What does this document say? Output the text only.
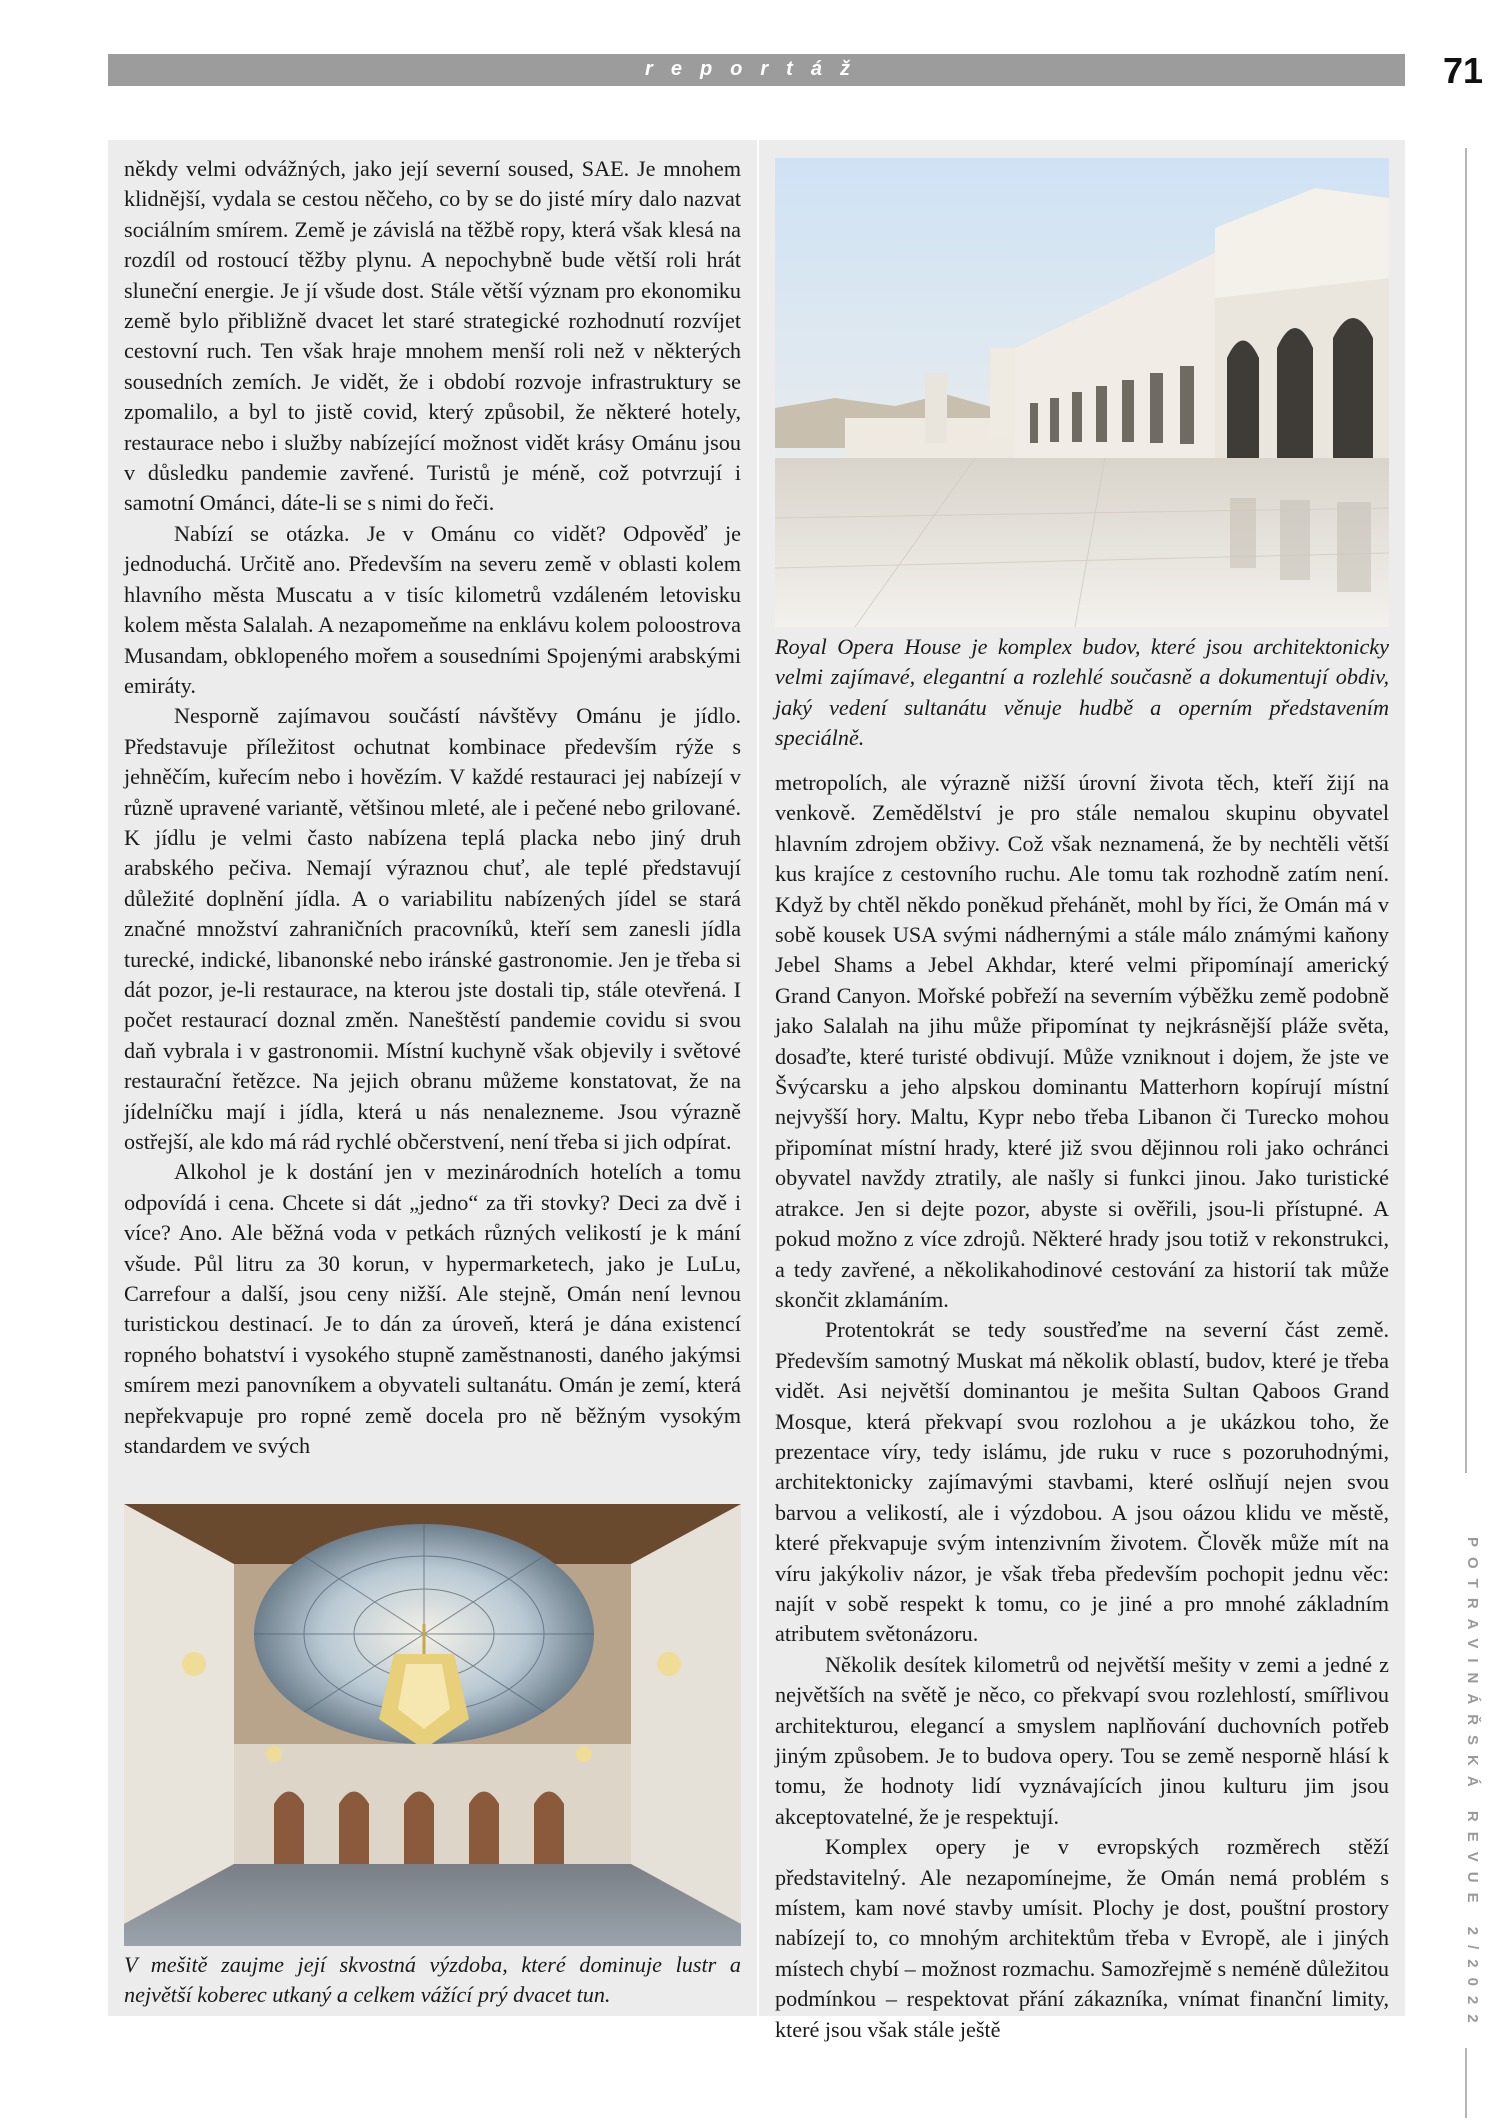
reportáž	71

někdy velmi odvážných, jako její severní soused, SAE. Je mnohem klidnější, vydala se cestou něčeho, co by se do jisté míry dalo nazvat sociálním smírem. Země je závislá na těžbě ropy, která však klesá na rozdíl od rostoucí těžby plynu. A nepochybně bude větší roli hrát sluneční energie. Je jí všude dost. Stále větší význam pro ekonomiku země bylo přibližně dvacet let staré strategické rozhodnutí rozvíjet cestovní ruch. Ten však hraje mnohem menší roli než v některých sousedních zemích. Je vidět, že i období rozvoje infrastruktury se zpomalilo, a byl to jistě covid, který způsobil, že některé hotely, restaurace nebo i služby nabízející možnost vidět krásy Ománu jsou v důsledku pandemie zavřené. Turistů je méně, což potvrzují i samotní Ománci, dáte-li se s nimi do řeči.

Nabízí se otázka. Je v Ománu co vidět? Odpověď je jednoduchá. Určitě ano. Především na severu země v oblasti kolem hlavního města Muscatu a v tisíc kilometrů vzdáleném letovisku kolem města Salalah. A nezapomeňme na enklávu kolem poloostrova Musandam, obklopeného mořem a sousedními Spojenými arabskými emiráty.

Nesporně zajímavou součástí návštěvy Ománu je jídlo. Představuje příležitost ochutnat kombinace především rýže s jehněčím, kuřecím nebo i hovězím. V každé restauraci jej nabízejí v různě upravené variantě, většinou mleté, ale i pečené nebo grilované. K jídlu je velmi často nabízena teplá placka nebo jiný druh arabského pečiva. Nemají výraznou chuť, ale teplé představují důležité doplnění jídla. A o variabilitu nabízených jídel se stará značné množství zahraničních pracovníků, kteří sem zanesli jídla turecké, indické, libanonské nebo iránské gastronomie. Jen je třeba si dát pozor, je-li restaurace, na kterou jste dostali tip, stále otevřená. I počet restaurací doznal změn. Naneštěstí pandemie covidu si svou daň vybrala i v gastronomii. Místní kuchyně však objevily i světové restaurační řetězce. Na jejich obranu můžeme konstatovat, že na jídelníčku mají i jídla, která u nás nenalezneme. Jsou výrazně ostřejší, ale kdo má rád rychlé občerstvení, není třeba si jich odpírat.

Alkohol je k dostání jen v mezinárodních hotelích a tomu odpovídá i cena. Chcete si dát „jedno“ za tři stovky? Deci za dvě i více? Ano. Ale běžná voda v petkách různých velikostí je k mání všude. Půl litru za 30 korun, v hypermarketech, jako je LuLu, Carrefour a další, jsou ceny nižší. Ale stejně, Omán není levnou turistickou destinací. Je to dán za úroveň, která je dána existencí ropného bohatství i vysokého stupně zaměstnanosti, daného jakýmsi smírem mezi panovníkem a obyvateli sultanátu. Omán je zemí, která nepřekvapuje pro ropné země docela pro ně běžným vysokým standardem ve svých

Royal Opera House je komplex budov, které jsou architektonicky velmi zajímavé, elegantní a rozlehlé současně a dokumentují obdiv, jaký vedení sultanátu věnuje hudbě a operním představením speciálně.

metropolích, ale výrazně nižší úrovní života těch, kteří žijí na venkově. Zemědělství je pro stále nemalou skupinu obyvatel hlavním zdrojem obživy. Což však neznamená, že by nechtěli větší kus krajíce z cestovního ruchu. Ale tomu tak rozhodně zatím není. Když by chtěl někdo poněkud přehánět, mohl by říci, že Omán má v sobě kousek USA svými nádhernými a stále málo známými kaňony Jebel Shams a Jebel Akhdar, které velmi připomínají americký Grand Canyon. Mořské pobřeží na severním výběžku země podobně jako Salalah na jihu může připomínat ty nejkrásnější pláže světa, dosaďte, které turisté obdivují. Může vzniknout i dojem, že jste ve Švýcarsku a jeho alpskou dominantu Matterhorn kopírují místní nejvyšší hory. Maltu, Kypr nebo třeba Libanon či Turecko mohou připomínat místní hrady, které již svou dějinnou roli jako ochránci obyvatel navždy ztratily, ale našly si funkci jinou. Jako turistické atrakce. Jen si dejte pozor, abyste si ověřili, jsou-li přístupné. A pokud možno z více zdrojů. Některé hrady jsou totiž v rekonstrukci, a tedy zavřené, a několikahodinové cestování za historií tak může skončit zklamáním.

Protentokrát se tedy soustřeďme na severní část země. Především samotný Muskat má několik oblastí, budov, které je třeba vidět. Asi největší dominantou je mešita Sultan Qaboos Grand Mosque, která překvapí svou rozlohou a je ukázkou toho, že prezentace víry, tedy islámu, jde ruku v ruce s pozoruhodnými, architektonicky zajímavými stavbami, které oslňují nejen svou barvou a velikostí, ale i výzdobou. A jsou oázou klidu ve městě, které překvapuje svým intenzivním životem. Člověk může mít na víru jakýkoliv názor, je však třeba především pochopit jednu věc: najít v sobě respekt k tomu, co je jiné a pro mnohé základním atributem světonázoru.

Několik desítek kilometrů od největší mešity v zemi a jedné z největších na světě je něco, co překvapí svou rozlehlostí, smířlivou architekturou, elegancí a smyslem naplňování duchovních potřeb jiným způsobem. Je to budova opery. Tou se země nesporně hlásí k tomu, že hodnoty lidí vyznávajících jinou kulturu jim jsou akceptovatelné, že je respektují.

Komplex opery je v evropských rozměrech stěží představitelný. Ale nezapomínejme, že Omán nemá problém s místem, kam nové stavby umísit. Plochy je dost, pouštní prostory nabízejí to, co mnohým architektům třeba v Evropě, ale i jiných místech chybí – možnost rozmachu. Samozřejmě s neméně důležitou podmínkou – respektovat přání zákazníka, vnímat finanční limity, které jsou však stále ještě

V mešitě zaujme její skvostná výzdoba, které dominuje lustr a největší koberec utkaný a celkem vážící prý dvacet tun.	POTRAVINÁŘSKÁ REVUE 2/2022
